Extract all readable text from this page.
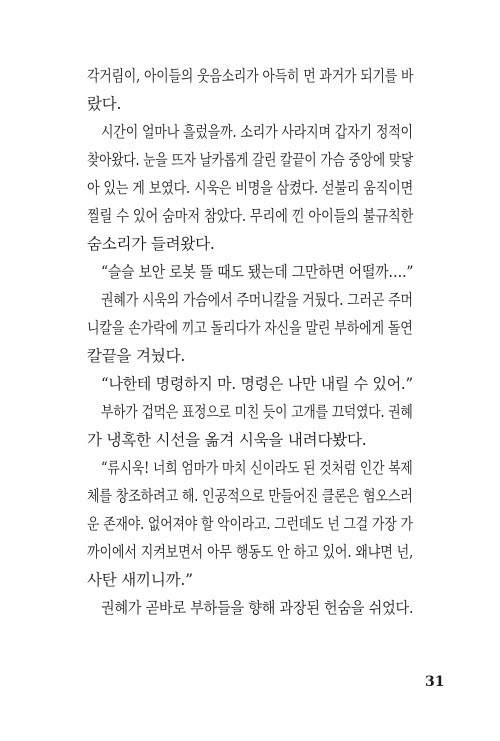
각거림이, 아이들의 웃음소리가 아득히 먼 과거가 되기를 바
랐다.
시간이 얼마나 흘렀을까. 소리가 사라지며 갑자기 정적이
찾아왔다. 눈을 뜨자 날카롭게 갈린 칼끝이 가슴 중앙에 맞닿
아 있는 게 보였다. 시욱은 비명을 삼켰다. 섣불리 움직이면
찔릴 수 있어 숨마저 참았다. 무리에 낀 아이들의 불규칙한
숨소리가 들려왔다.
“슬슬 보안 로봇 뜰 때도 됐는데 그만하면 어떨까….”
권혜가 시욱의 가슴에서 주머니칼을 거뒀다. 그러곤 주머
니칼을 손가락에 끼고 돌리다가 자신을 말린 부하에게 돌연
칼끝을 겨눴다.
“나한테 명령하지 마. 명령은 나만 내릴 수 있어.”
부하가 겁먹은 표정으로 미친 듯이 고개를 끄덕였다. 권혜
가 냉혹한 시선을 옮겨 시욱을 내려다봤다.
“류시욱! 너희 엄마가 마치 신이라도 된 것처럼 인간 복제
체를 창조하려고 해. 인공적으로 만들어진 클론은 혐오스러
운 존재야. 없어져야 할 악이라고. 그런데도 넌 그걸 가장 가
까이에서 지켜보면서 아무 행동도 안 하고 있어. 왜냐면 넌,
사탄 새끼니까.”
권혜가 곧바로 부하들을 향해 과장된 헌숨을 쉬었다.
31
